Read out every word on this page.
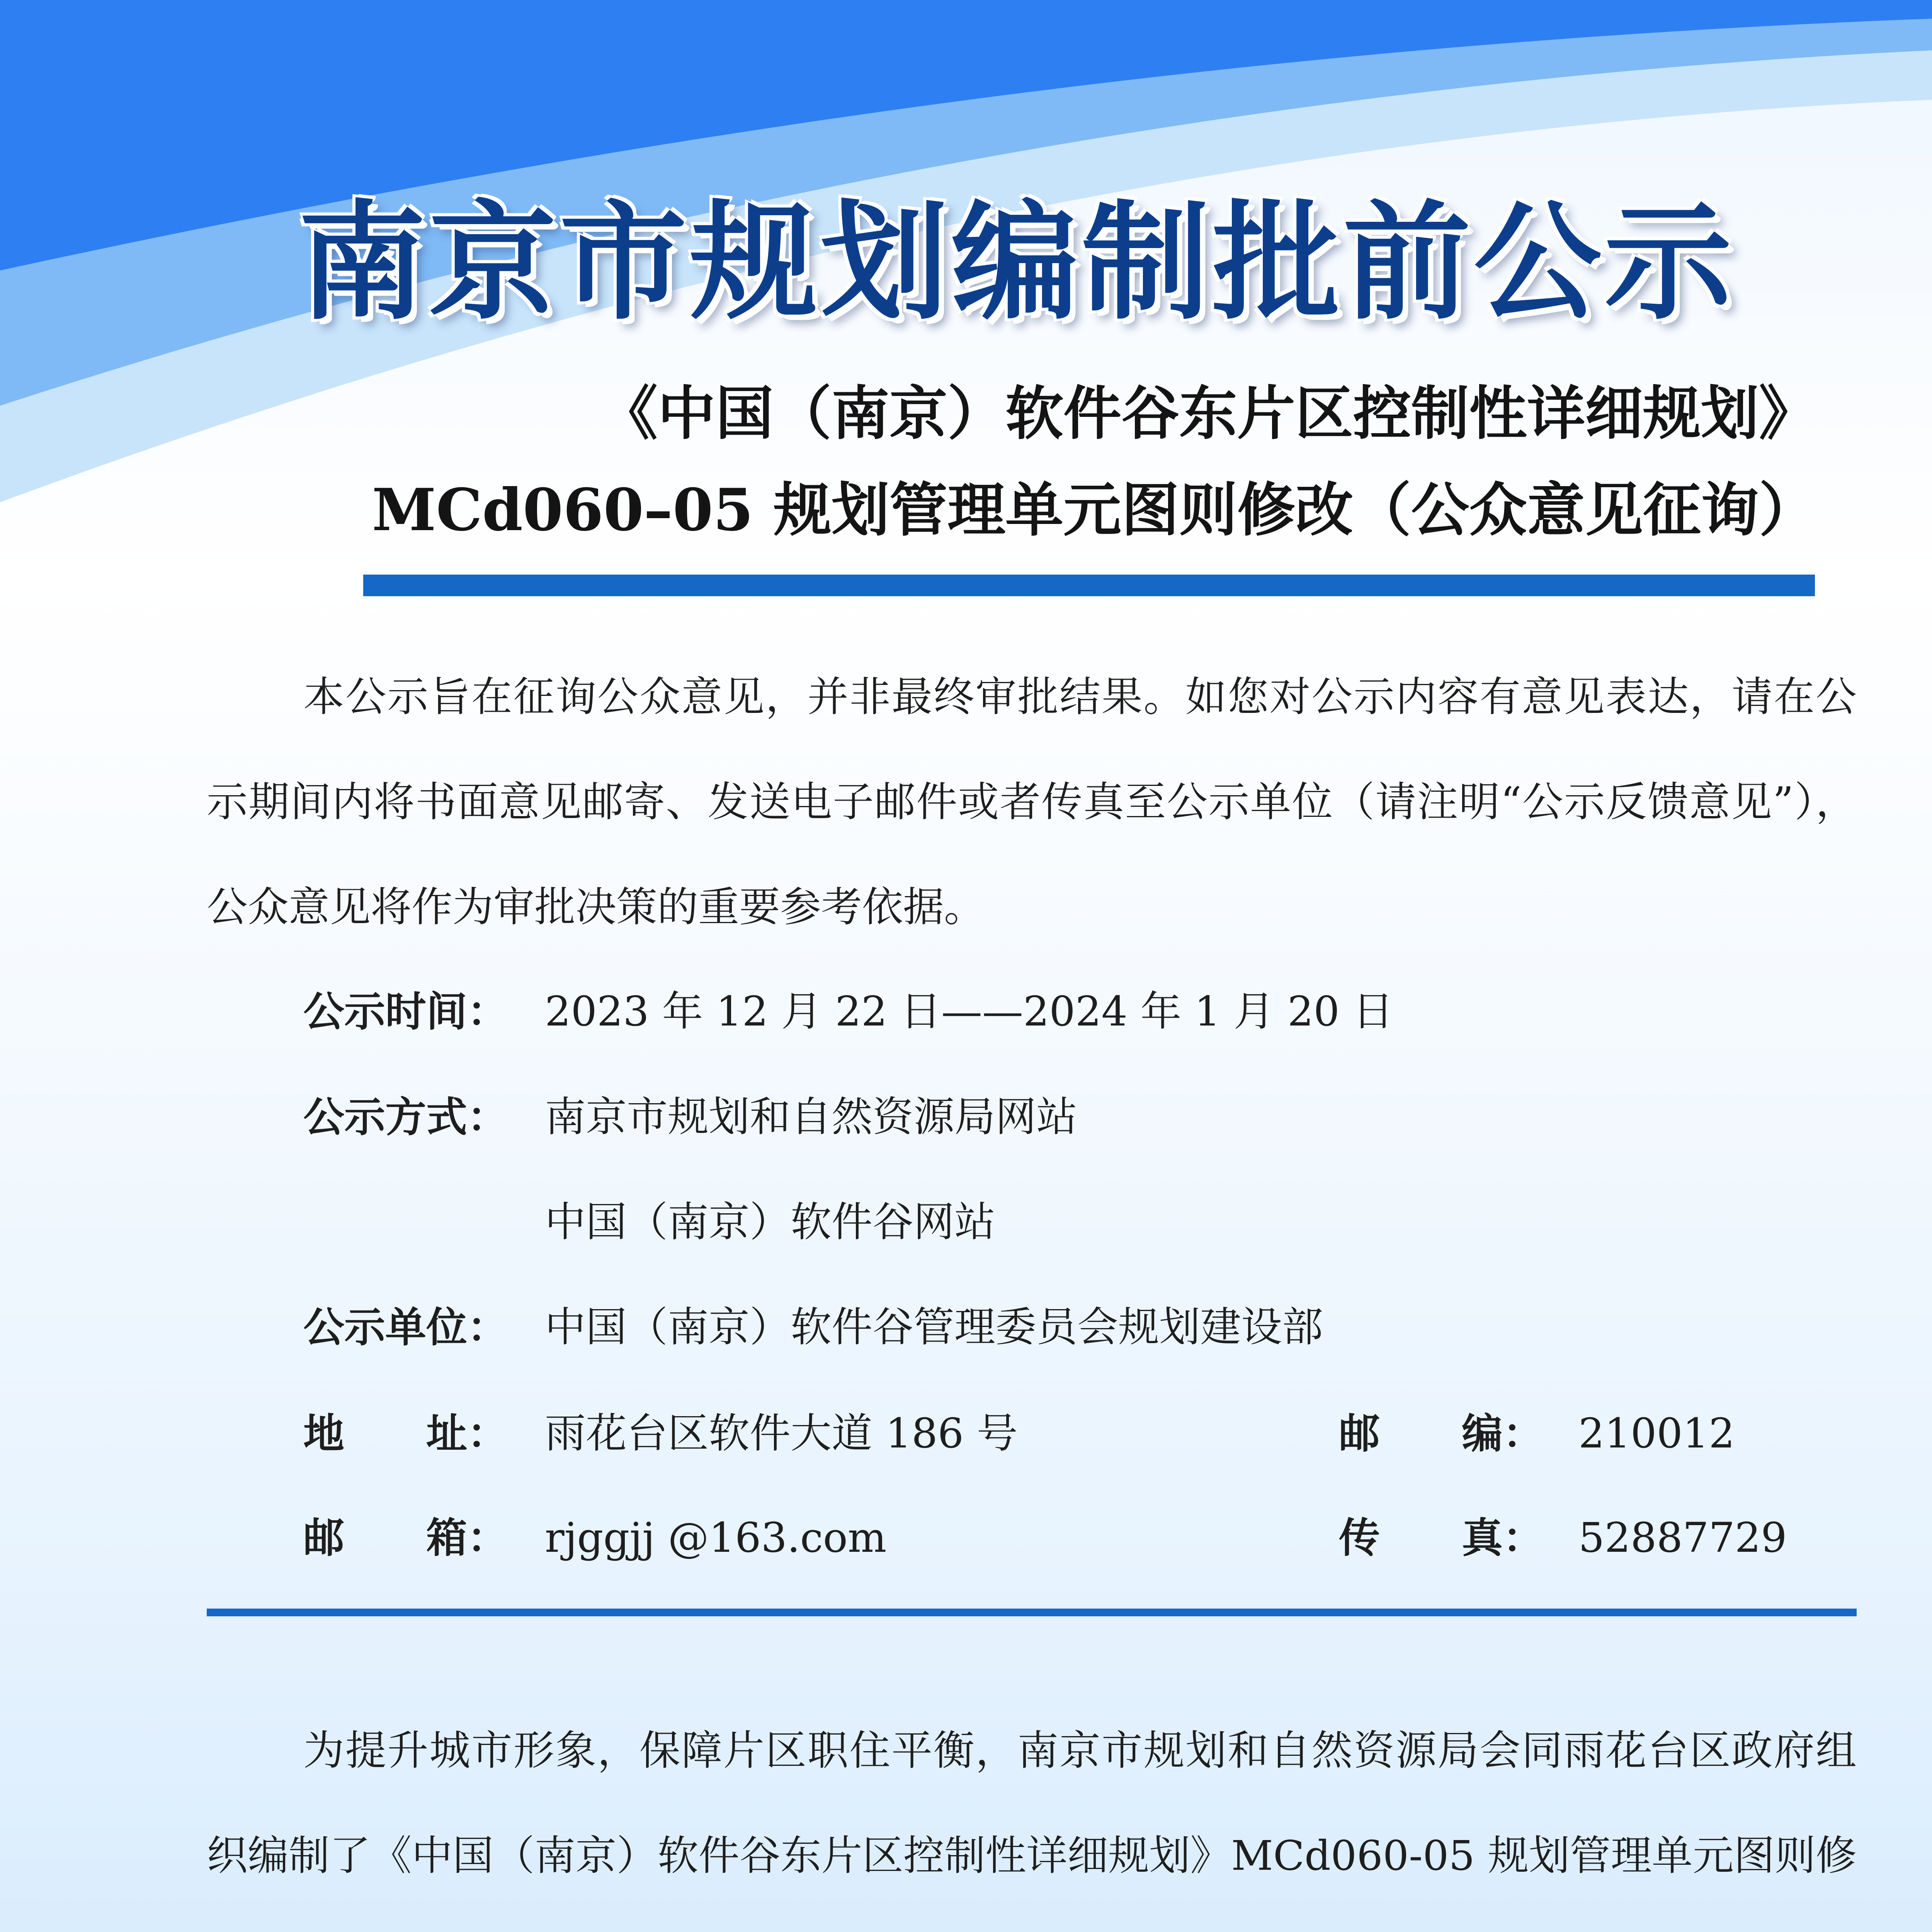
南京市规划编制批前公示
《中国（南京）软件谷东片区控制性详细规划》
MCd060–05 规划管理单元图则修改（公众意见征询）

本公示旨在征询公众意见，并非最终审批结果。如您对公示内容有意见表达，请在公示期间内将书面意见邮寄、发送电子邮件或者传真至公示单位（请注明“公示反馈意见”），公众意见将作为审批决策的重要参考依据。

公示时间： 2023 年 12 月 22 日——2024 年 1 月 20 日
公示方式： 南京市规划和自然资源局网站
中国（南京）软件谷网站
公示单位： 中国（南京）软件谷管理委员会规划建设部
地　　址： 雨花台区软件大道 186 号	邮　　编： 210012
邮　　箱： rjggjj @163.com	传　　真： 52887729

为提升城市形象，保障片区职住平衡，南京市规划和自然资源局会同雨花台区政府组织编制了《中国（南京）软件谷东片区控制性详细规划》MCd060-05 规划管理单元图则修
